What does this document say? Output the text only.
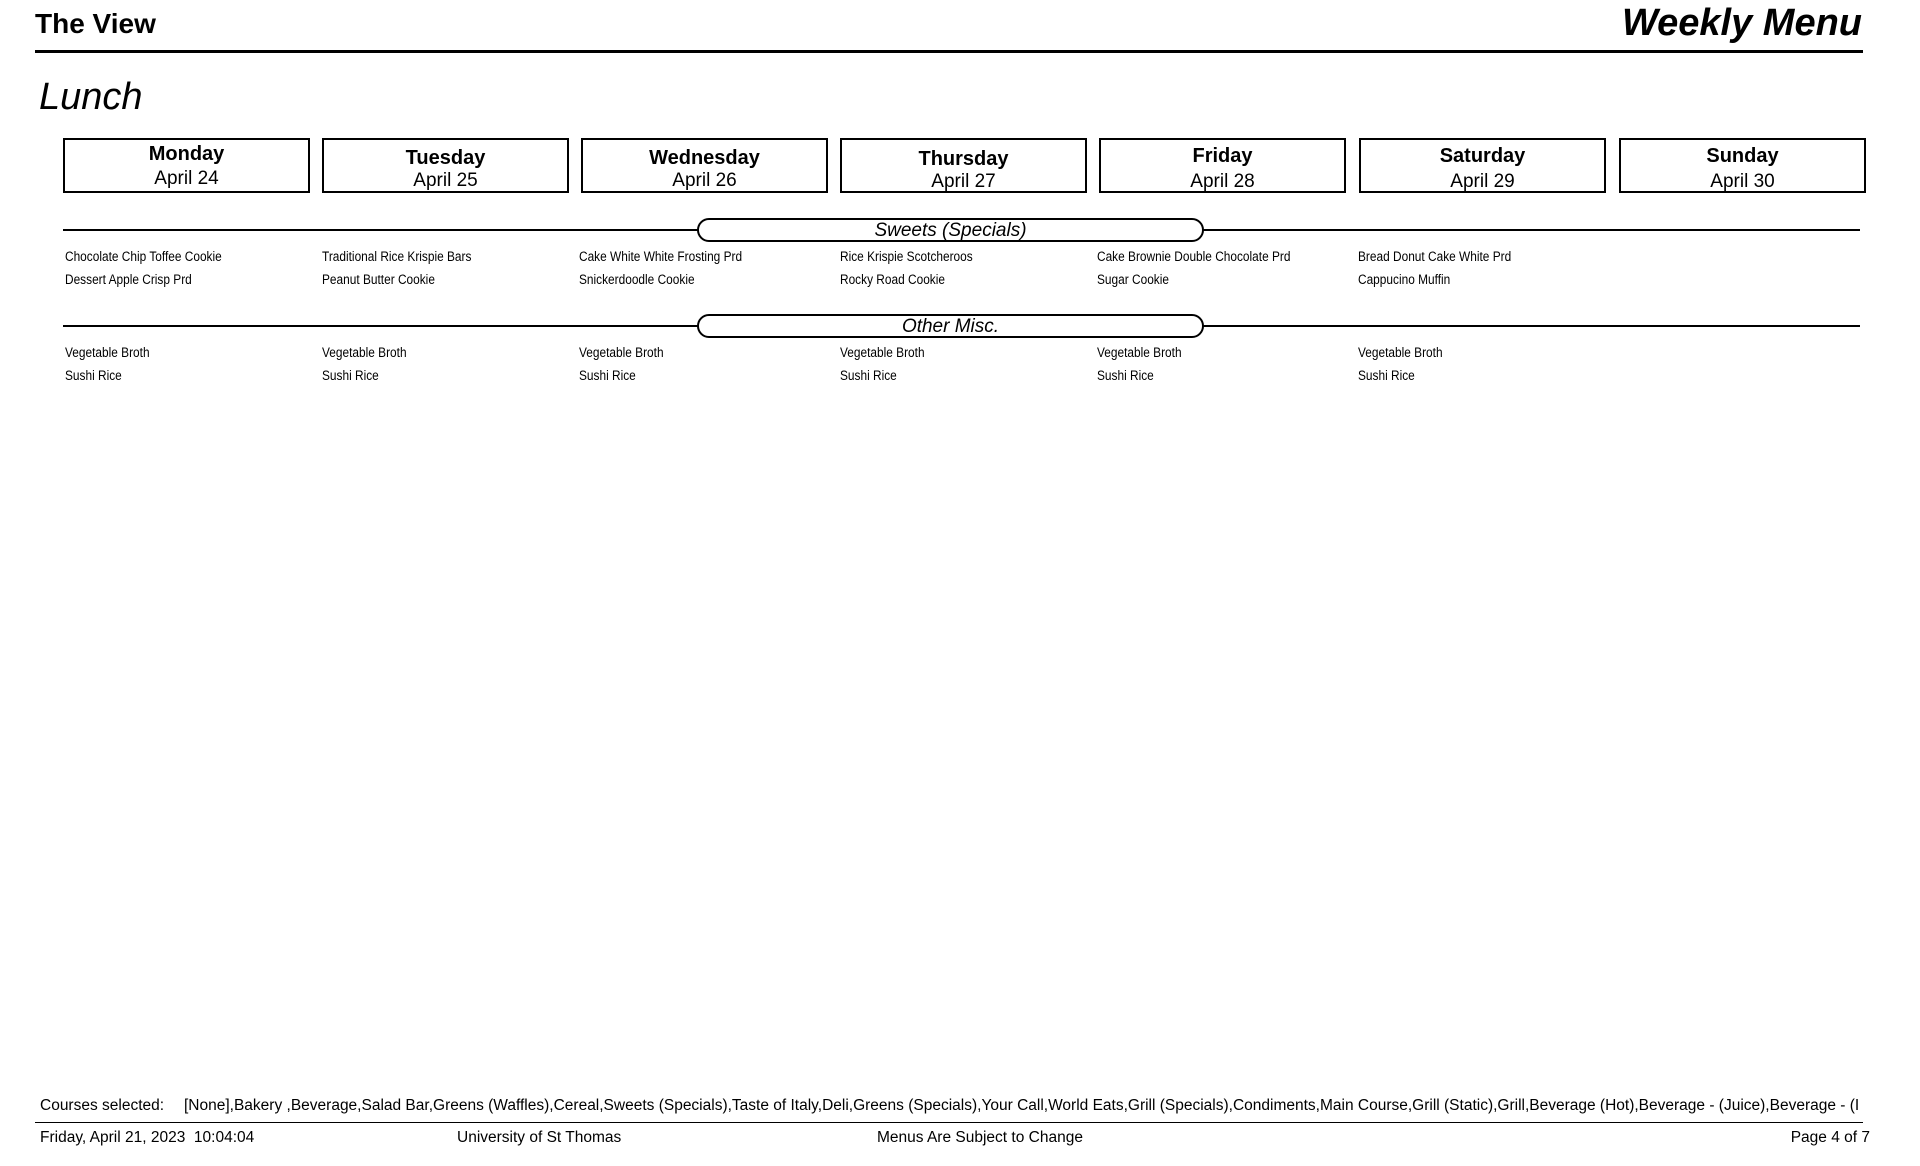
The View	Weekly Menu
Lunch
Monday
April 24
Tuesday
April 25
Wednesday
April 26
Thursday
April 27
Friday
April 28
Saturday
April 29
Sunday
April 30
Sweets (Specials)
Chocolate Chip Toffee Cookie	Traditional Rice Krispie Bars	Cake White White Frosting Prd	Rice Krispie Scotcheroos	Cake Brownie Double Chocolate Prd	Bread Donut Cake White Prd
Dessert Apple Crisp Prd	Peanut Butter Cookie	Snickerdoodle Cookie	Rocky Road Cookie	Sugar Cookie	Cappucino Muffin
Other Misc.
Vegetable Broth	Vegetable Broth	Vegetable Broth	Vegetable Broth	Vegetable Broth	Vegetable Broth
Sushi Rice	Sushi Rice	Sushi Rice	Sushi Rice	Sushi Rice	Sushi Rice
Courses selected: [None],Bakery ,Beverage,Salad Bar,Greens (Waffles),Cereal,Sweets (Specials),Taste of Italy,Deli,Greens (Specials),Your Call,World Eats,Grill (Specials),Condiments,Main Course,Grill (Static),Grill,Beverage (Hot),Beverage - (Juice),Beverage - (I
Friday, April 21, 2023  10:04:04	University of St Thomas	Menus Are Subject to Change	Page 4 of 7
